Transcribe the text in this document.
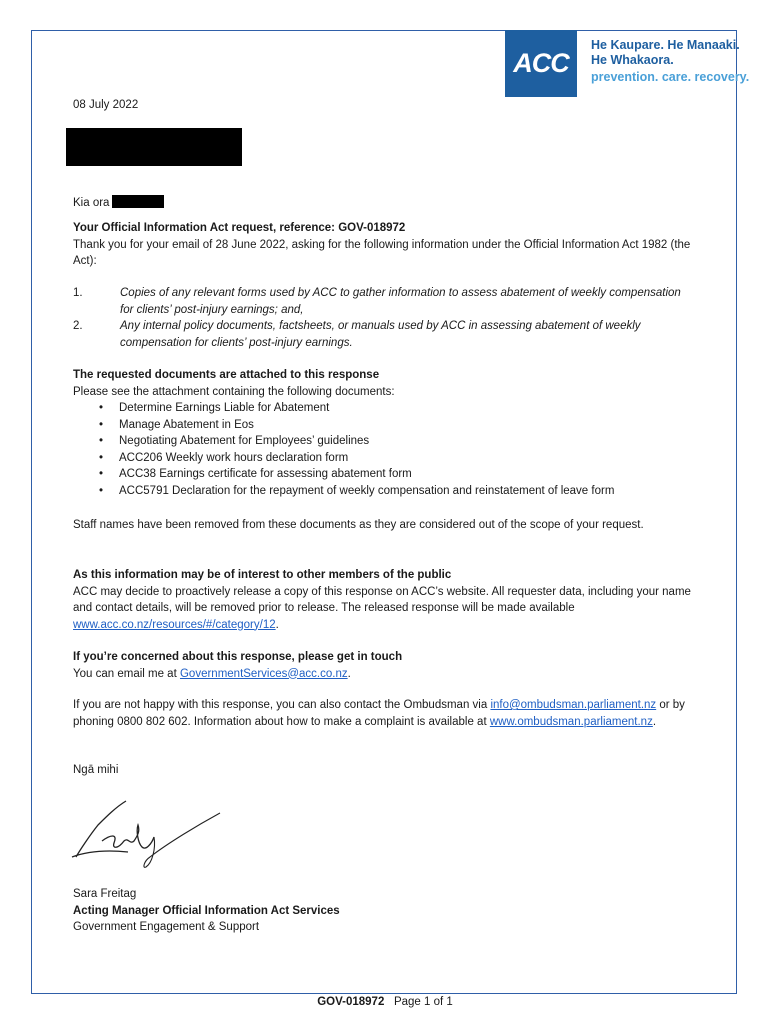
ACC
He Kaupare. He Manaaki.
He Whakaora.
prevention. care. recovery.
08 July 2022
Kia ora
Your Official Information Act request, reference: GOV-018972
Thank you for your email of 28 June 2022, asking for the following information under the Official Information Act 1982 (the Act):
1.	Copies of any relevant forms used by ACC to gather information to assess abatement of weekly compensation for clients’ post-injury earnings; and,
2.	Any internal policy documents, factsheets, or manuals used by ACC in assessing abatement of weekly compensation for clients’ post-injury earnings.
The requested documents are attached to this response
Please see the attachment containing the following documents:
• Determine Earnings Liable for Abatement
• Manage Abatement in Eos
• Negotiating Abatement for Employees’ guidelines
• ACC206 Weekly work hours declaration form
• ACC38 Earnings certificate for assessing abatement form
• ACC5791 Declaration for the repayment of weekly compensation and reinstatement of leave form
Staff names have been removed from these documents as they are considered out of the scope of your request.
As this information may be of interest to other members of the public
ACC may decide to proactively release a copy of this response on ACC’s website. All requester data, including your name and contact details, will be removed prior to release. The released response will be made available www.acc.co.nz/resources/#/category/12.
If you’re concerned about this response, please get in touch
You can email me at GovernmentServices@acc.co.nz.
If you are not happy with this response, you can also contact the Ombudsman via info@ombudsman.parliament.nz or by phoning 0800 802 602. Information about how to make a complaint is available at www.ombudsman.parliament.nz.
Ngā mihi
Sara Freitag
Acting Manager Official Information Act Services
Government Engagement & Support
GOV-018972 Page 1 of 1
